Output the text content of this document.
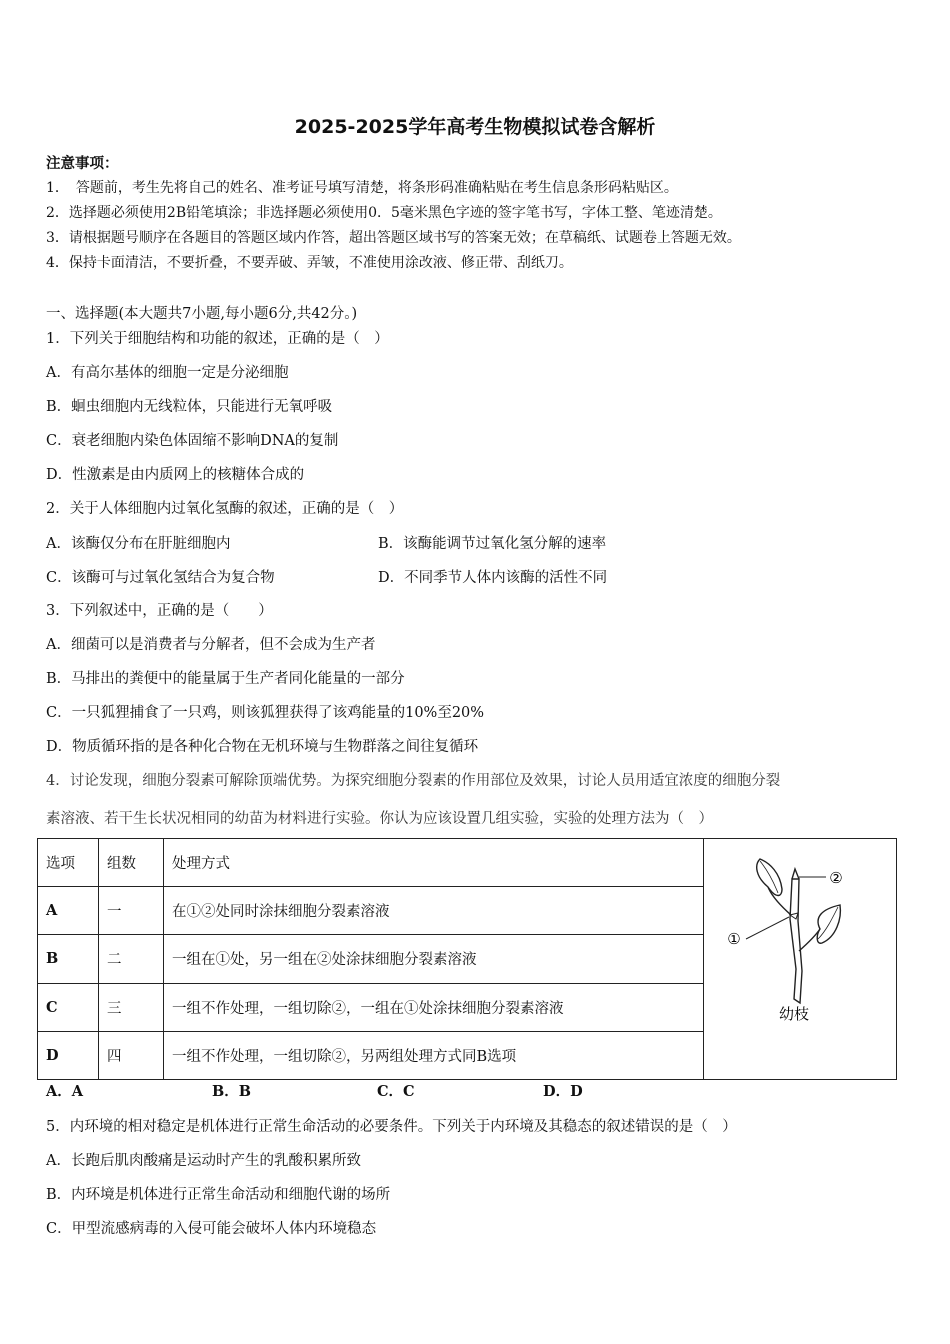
2025-2025学年高考生物模拟试卷含解析
注意事项：
1．　答题前，考生先将自己的姓名、准考证号填写清楚，将条形码准确粘贴在考生信息条形码粘贴区。
2．选择题必须使用2B铅笔填涂；非选择题必须使用0．5毫米黑色字迹的签字笔书写，字体工整、笔迹清楚。
3．请根据题号顺序在各题目的答题区域内作答，超出答题区域书写的答案无效；在草稿纸、试题卷上答题无效。
4．保持卡面清洁，不要折叠，不要弄破、弄皱，不准使用涂改液、修正带、刮纸刀。
一、选择题(本大题共7小题,每小题6分,共42分。)
1．下列关于细胞结构和功能的叙述，正确的是（　）
A．有高尔基体的细胞一定是分泌细胞
B．蛔虫细胞内无线粒体，只能进行无氧呼吸
C．衰老细胞内染色体固缩不影响DNA的复制
D．性激素是由内质网上的核糖体合成的
2．关于人体细胞内过氧化氢酶的叙述，正确的是（　）
A．该酶仅分布在肝脏细胞内	B．该酶能调节过氧化氢分解的速率
C．该酶可与过氧化氢结合为复合物	D．不同季节人体内该酶的活性不同
3．下列叙述中，正确的是（　　）
A．细菌可以是消费者与分解者，但不会成为生产者
B．马排出的粪便中的能量属于生产者同化能量的一部分
C．一只狐狸捕食了一只鸡，则该狐狸获得了该鸡能量的10%至20%
D．物质循环指的是各种化合物在无机环境与生物群落之间往复循环
4．讨论发现，细胞分裂素可解除顶端优势。为探究细胞分裂素的作用部位及效果，讨论人员用适宜浓度的细胞分裂
素溶液、若干生长状况相同的幼苗为材料进行实验。你认为应该设置几组实验，实验的处理方法为（　）
选项	组数	处理方式	①
②
幼枝

A	一	在①②处同时涂抹细胞分裂素溶液	
B	二	一组在①处，另一组在②处涂抹细胞分裂素溶液	
C	三	一组不作处理，一组切除②，一组在①处涂抹细胞分裂素溶液	
D	四	一组不作处理，一组切除②，另两组处理方式同B选项	
A．A	B．B	C．C	D．D
5．内环境的相对稳定是机体进行正常生命活动的必要条件。下列关于内环境及其稳态的叙述错误的是（　）
A．长跑后肌肉酸痛是运动时产生的乳酸积累所致
B．内环境是机体进行正常生命活动和细胞代谢的场所
C．甲型流感病毒的入侵可能会破坏人体内环境稳态
